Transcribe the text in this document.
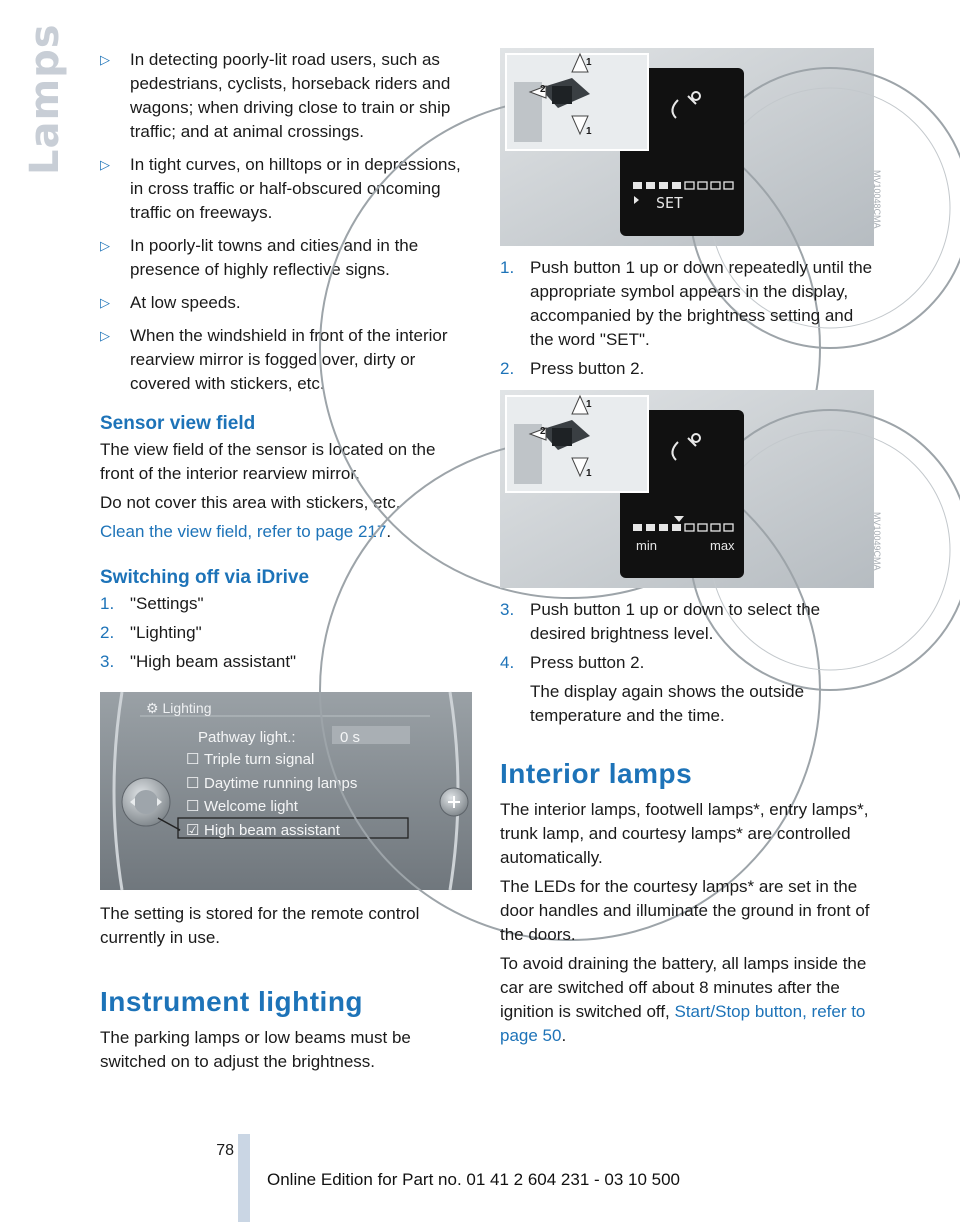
Lamps ▷ In detecting poorly-lit road users, such as pedestrians, cyclists, horseback riders and wagons; when driving close to train or ship traffic; and at animal crossings.
▷ In tight curves, on hilltops or in depressions, in cross traffic or half-obscured oncoming traffic on freeways.
▷ In poorly-lit towns and cities and in the presence of highly reflective signs.
▷ At low speeds.
▷ When the windshield in front of the interior rearview mirror is fogged over, dirty or covered with stickers, etc.
Sensor view field

The view field of the sensor is located on the front of the interior rearview mirror.

Do not cover this area with stickers, etc.

Clean the view field, refer to page 217.

Switching off via iDrive
1. "Settings"
2. "Lighting"
3. "High beam assistant"
⚙ Lighting
Pathway light.:	0 s
☐ Triple turn signal
☐ Daytime running lamps
☐ Welcome light
☑ High beam assistant

The setting is stored for the remote control currently in use.

Instrument lighting

The parking lamps or low beams must be switched on to adjust the brightness.

1
2
1
SET	MV10048CMA
1
2
1
min	max	MV10049CMA
1. Push button 1 up or down repeatedly until the appropriate symbol appears in the display, accompanied by the brightness setting and the word "SET".
2. Press button 2.
3. Push button 1 up or down to select the desired brightness level.
4. Press button 2.
The display again shows the outside temperature and the time.
Interior lamps

The interior lamps, footwell lamps*, entry lamps*, trunk lamp, and courtesy lamps* are controlled automatically.

The LEDs for the courtesy lamps* are set in the door handles and illuminate the ground in front of the doors.

To avoid draining the battery, all lamps inside the car are switched off about 8 minutes after the ignition is switched off, Start/Stop button, refer to page 50.

78
Online Edition for Part no. 01 41 2 604 231 - 03 10 500
